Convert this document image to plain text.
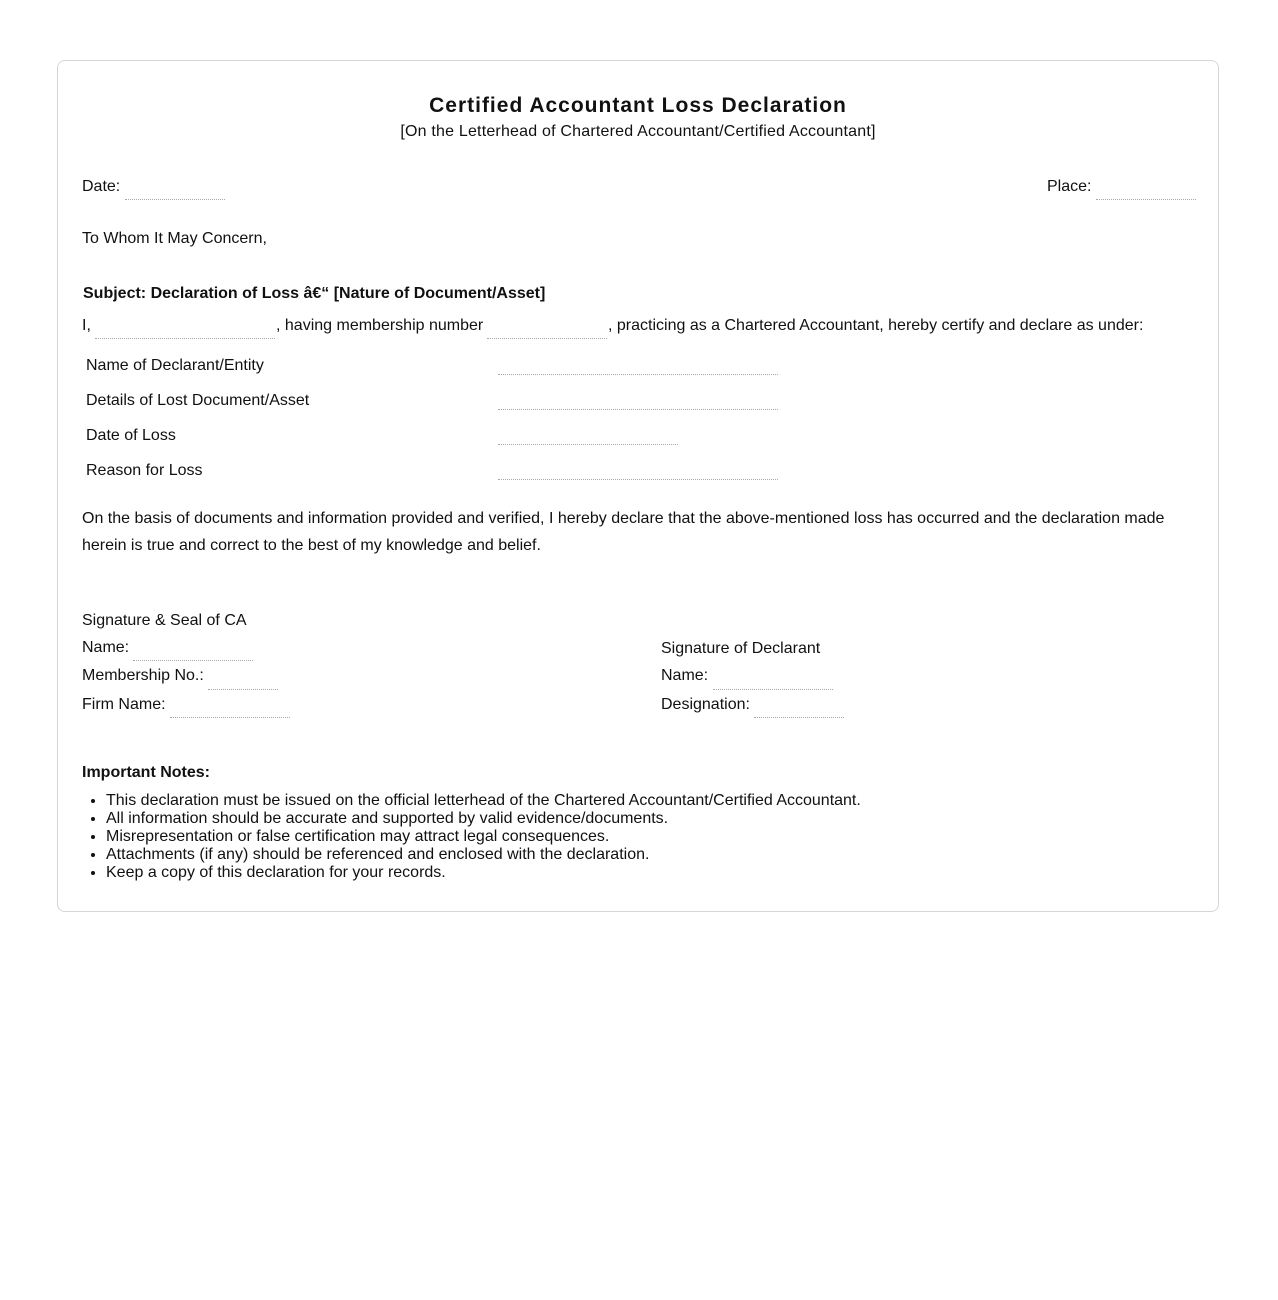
Certified Accountant Loss Declaration
[On the Letterhead of Chartered Accountant/Certified Accountant]
Date:	Place:
To Whom It May Concern,
Subject: Declaration of Loss â€“ [Nature of Document/Asset]
I,	, having membership number	, practicing as a Chartered Accountant, hereby certify and declare as under:
Name of Declarant/Entity
Details of Lost Document/Asset
Date of Loss
Reason for Loss
On the basis of documents and information provided and verified, I hereby declare that the above-mentioned loss has occurred and the declaration made herein is true and correct to the best of my knowledge and belief.
Signature & Seal of CA
Name:
Membership No.:
Firm Name:
Signature of Declarant
Name:
Designation:
Important Notes:
• This declaration must be issued on the official letterhead of the Chartered Accountant/Certified Accountant.
• All information should be accurate and supported by valid evidence/documents.
• Misrepresentation or false certification may attract legal consequences.
• Attachments (if any) should be referenced and enclosed with the declaration.
• Keep a copy of this declaration for your records.
